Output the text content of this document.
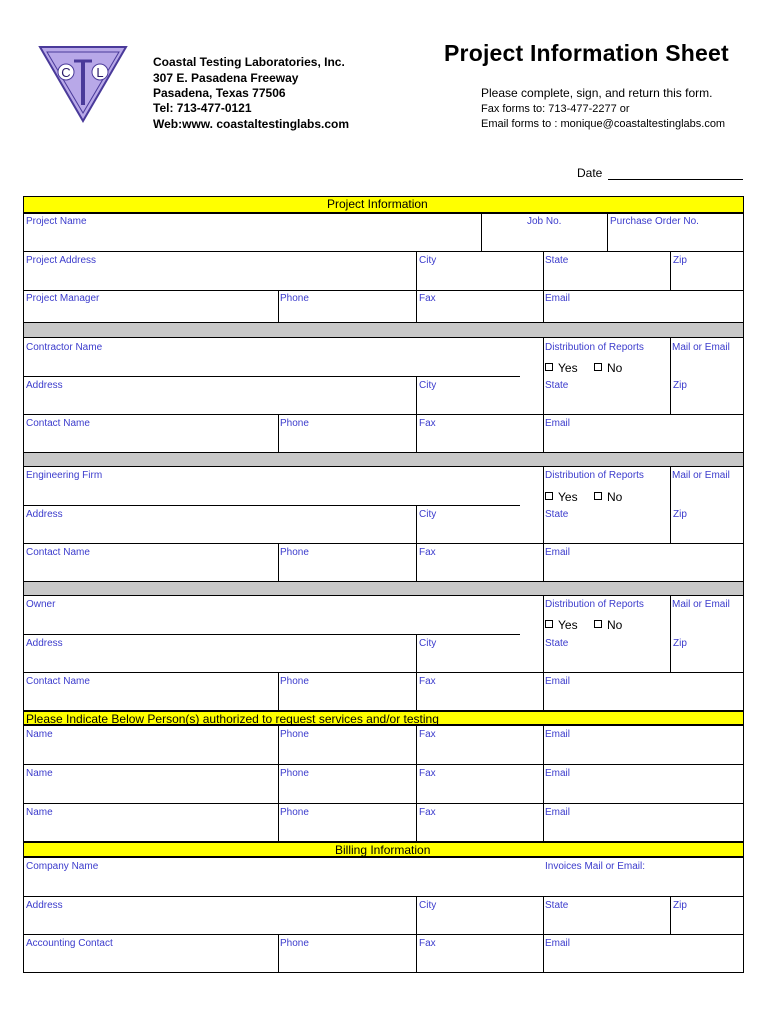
C L
Coastal Testing Laboratories, Inc.
307 E. Pasadena Freeway
Pasadena, Texas 77506
Tel: 713-477-0121
Web:www. coastaltestinglabs.com
Project Information Sheet
Please complete, sign, and return this form.
Fax forms to: 713-477-2277 or
Email forms to : monique@coastaltestinglabs.com
Date
Project Information
Project Name	Job No.	Purchase Order No.
Project Address	City	State	Zip
Project Manager	Phone	Fax	Email
Contractor Name	Distribution of Reports	Mail or Email
Yes	No
Address	City	State	Zip
Contact Name	Phone	Fax	Email
Engineering Firm	Distribution of Reports	Mail or Email
Yes	No
Address	City	State	Zip
Contact Name	Phone	Fax	Email
Owner	Distribution of Reports	Mail or Email
Yes	No
Address	City	State	Zip
Contact Name	Phone	Fax	Email
Please Indicate Below Person(s) authorized to request services and/or testing
Name	Phone	Fax	Email
Name	Phone	Fax	Email
Name	Phone	Fax	Email
Billing Information
Company Name	Invoices Mail or Email:
Address	City	State	Zip
Accounting Contact	Phone	Fax	Email
